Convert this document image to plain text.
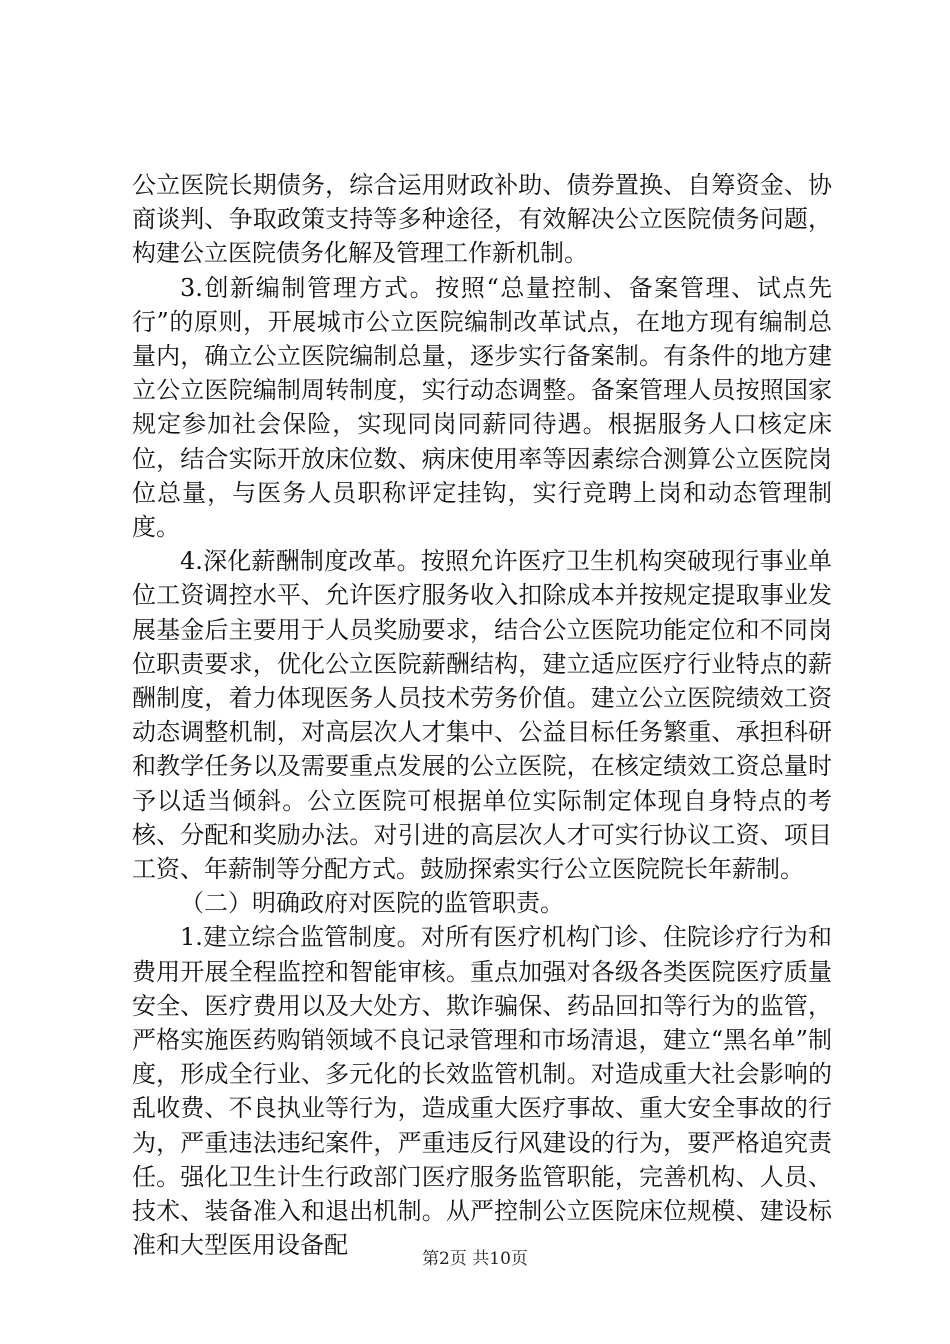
公立医院长期债务，综合运用财政补助、债券置换、自筹资金、协商谈判、争取政策支持等多种途径，有效解决公立医院债务问题，构建公立医院债务化解及管理工作新机制。

3.创新编制管理方式。按照“总量控制、备案管理、试点先行”的原则，开展城市公立医院编制改革试点，在地方现有编制总量内，确立公立医院编制总量，逐步实行备案制。有条件的地方建立公立医院编制周转制度，实行动态调整。备案管理人员按照国家规定参加社会保险，实现同岗同薪同待遇。根据服务人口核定床位，结合实际开放床位数、病床使用率等因素综合测算公立医院岗位总量，与医务人员职称评定挂钩，实行竞聘上岗和动态管理制度。

4.深化薪酬制度改革。按照允许医疗卫生机构突破现行事业单位工资调控水平、允许医疗服务收入扣除成本并按规定提取事业发展基金后主要用于人员奖励要求，结合公立医院功能定位和不同岗位职责要求，优化公立医院薪酬结构，建立适应医疗行业特点的薪酬制度，着力体现医务人员技术劳务价值。建立公立医院绩效工资动态调整机制，对高层次人才集中、公益目标任务繁重、承担科研和教学任务以及需要重点发展的公立医院，在核定绩效工资总量时予以适当倾斜。公立医院可根据单位实际制定体现自身特点的考核、分配和奖励办法。对引进的高层次人才可实行协议工资、项目工资、年薪制等分配方式。鼓励探索实行公立医院院长年薪制。

（二）明确政府对医院的监管职责。

1.建立综合监管制度。对所有医疗机构门诊、住院诊疗行为和费用开展全程监控和智能审核。重点加强对各级各类医院医疗质量安全、医疗费用以及大处方、欺诈骗保、药品回扣等行为的监管，严格实施医药购销领域不良记录管理和市场清退，建立“黑名单”制度，形成全行业、多元化的长效监管机制。对造成重大社会影响的乱收费、不良执业等行为，造成重大医疗事故、重大安全事故的行为，严重违法违纪案件，严重违反行风建设的行为，要严格追究责任。强化卫生计生行政部门医疗服务监管职能，完善机构、人员、技术、装备准入和退出机制。从严控制公立医院床位规模、建设标准和大型医用设备配	第2页 共10页
